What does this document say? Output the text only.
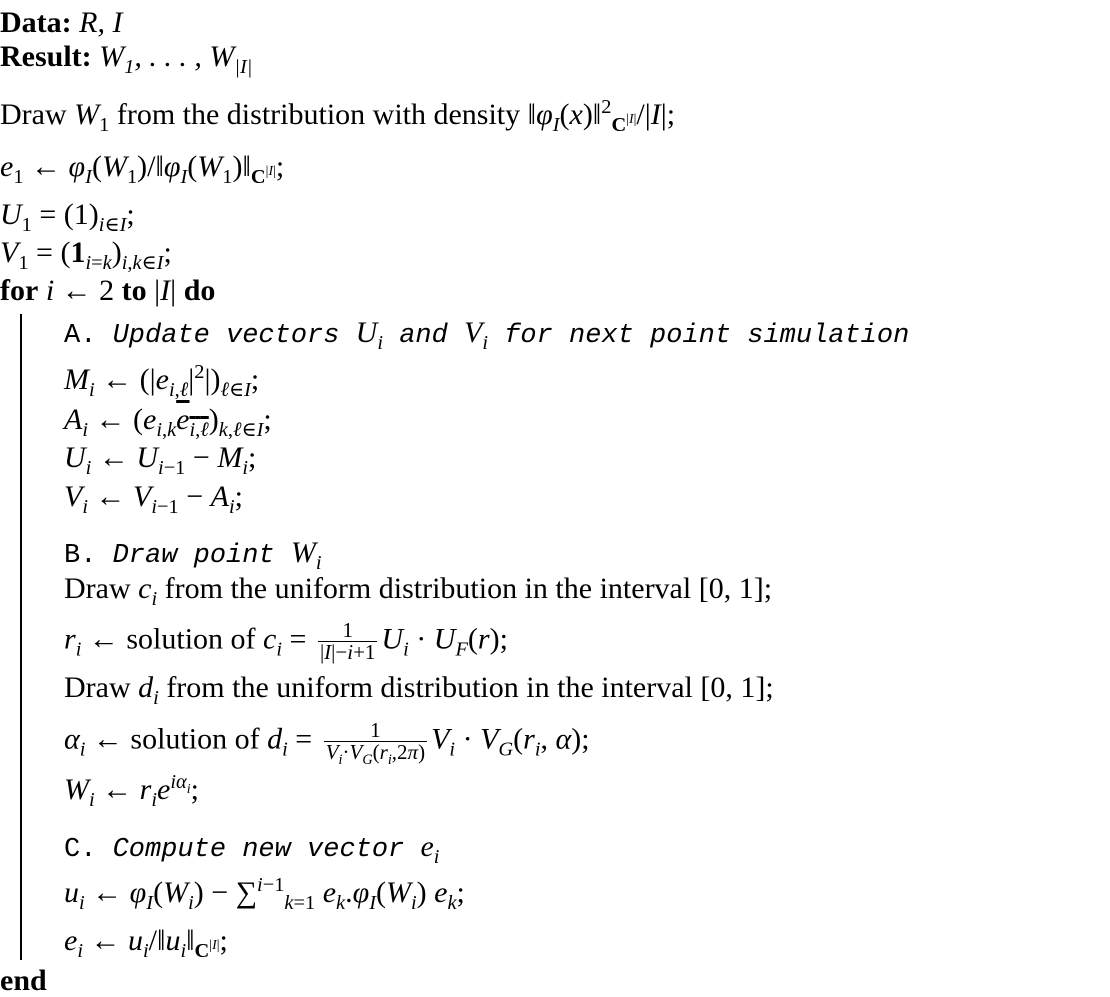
Data: R, I
Result: $W_1$, . . . , $W_{|I|}$
Draw $W_1$ from the distribution with density $‖\varphi_I(x)‖^2_{C^{|I|}}/|I|$;
$e_1$ ← $\varphi_I(W_1)/‖\varphi_I(W_1)‖_{C^{|I|}}$;
$U_1 = (1)_{i\in I}$;
$V_1 = (1_{i=k})_{i,k\in I}$;
for i ← 2 to |I| do
A. Update vectors $U_i$ and $V_i$ for next point simulation
$M_i$ ← $(|e_{i,\ell}|^2|)_{\ell\in I}$;
$A_i$ ← $(e_{i,k}e_{i,\ell})_{k,\ell\in I}$;
$U_i$ ← $U_{i-1} - M_i$;
$V_i$ ← $V_{i-1} - A_i$;
B. Draw point $W_i$
Draw $c_i$ from the uniform distribution in the interval [0, 1];
$r_i$ ← solution of $c_i = \frac{1}{|I|-i+1} U_i \cdot U_F(r)$;
Draw $d_i$ from the uniform distribution in the interval [0, 1];
$\alpha_i$ ← solution of $d_i = \frac{1}{V_i\cdot V_G(r_i,2\pi)} V_i \cdot V_G(r_i$, α);
$W_i$ ← $r_ie^{i\alpha_i}$;
C. Compute new vector $e_i$
$u_i$ ← $\varphi_I(W_i) - \sum^{i-1}_{k=1}$ $e_k.\varphi_I(W_i)$ $e_k$;
$e_i$ ← $u_i/‖u_i‖_{C^{|I|}}$;
end
